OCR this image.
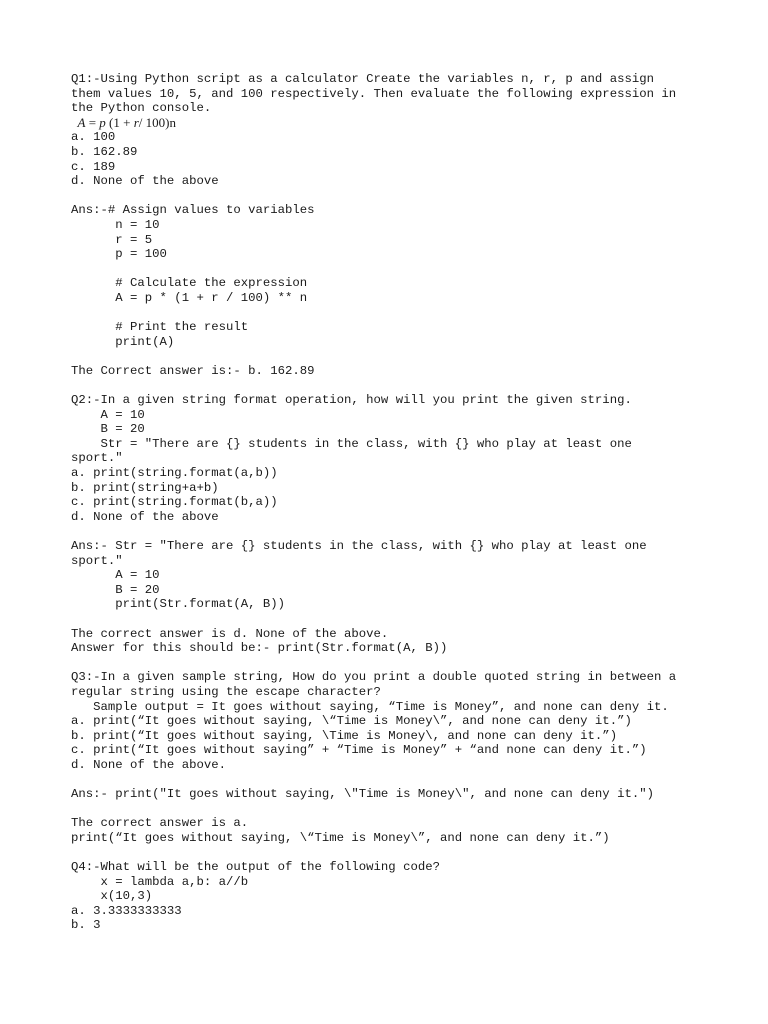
Q1:-Using Python script as a calculator Create the variables n, r, p and assign
them values 10, 5, and 100 respectively. Then evaluate the following expression in
the Python console.
A = p (1 + r/ 100)n
a. 100
b. 162.89
c. 189
d. None of the above
Ans:-# Assign values to variables
n = 10
r = 5
p = 100
# Calculate the expression
A = p * (1 + r / 100) ** n
# Print the result
print(A)
The Correct answer is:- b. 162.89
Q2:-In a given string format operation, how will you print the given string.
A = 10
B = 20
Str = "There are {} students in the class, with {} who play at least one
sport."
a. print(string.format(a,b))
b. print(string+a+b)
c. print(string.format(b,a))
d. None of the above
Ans:- Str = "There are {} students in the class, with {} who play at least one
sport."
A = 10
B = 20
print(Str.format(A, B))
The correct answer is d. None of the above.
Answer for this should be:- print(Str.format(A, B))
Q3:-In a given sample string, How do you print a double quoted string in between a
regular string using the escape character?
Sample output = It goes without saying, “Time is Money”, and none can deny it.
a. print(“It goes without saying, \“Time is Money\”, and none can deny it.”)
b. print(“It goes without saying, \Time is Money\, and none can deny it.”)
c. print(“It goes without saying” + “Time is Money” + “and none can deny it.”)
d. None of the above.
Ans:- print("It goes without saying, \"Time is Money\", and none can deny it.")
The correct answer is a.
print(“It goes without saying, \“Time is Money\”, and none can deny it.”)
Q4:-What will be the output of the following code?
x = lambda a,b: a//b
x(10,3)
a. 3.3333333333
b. 3
